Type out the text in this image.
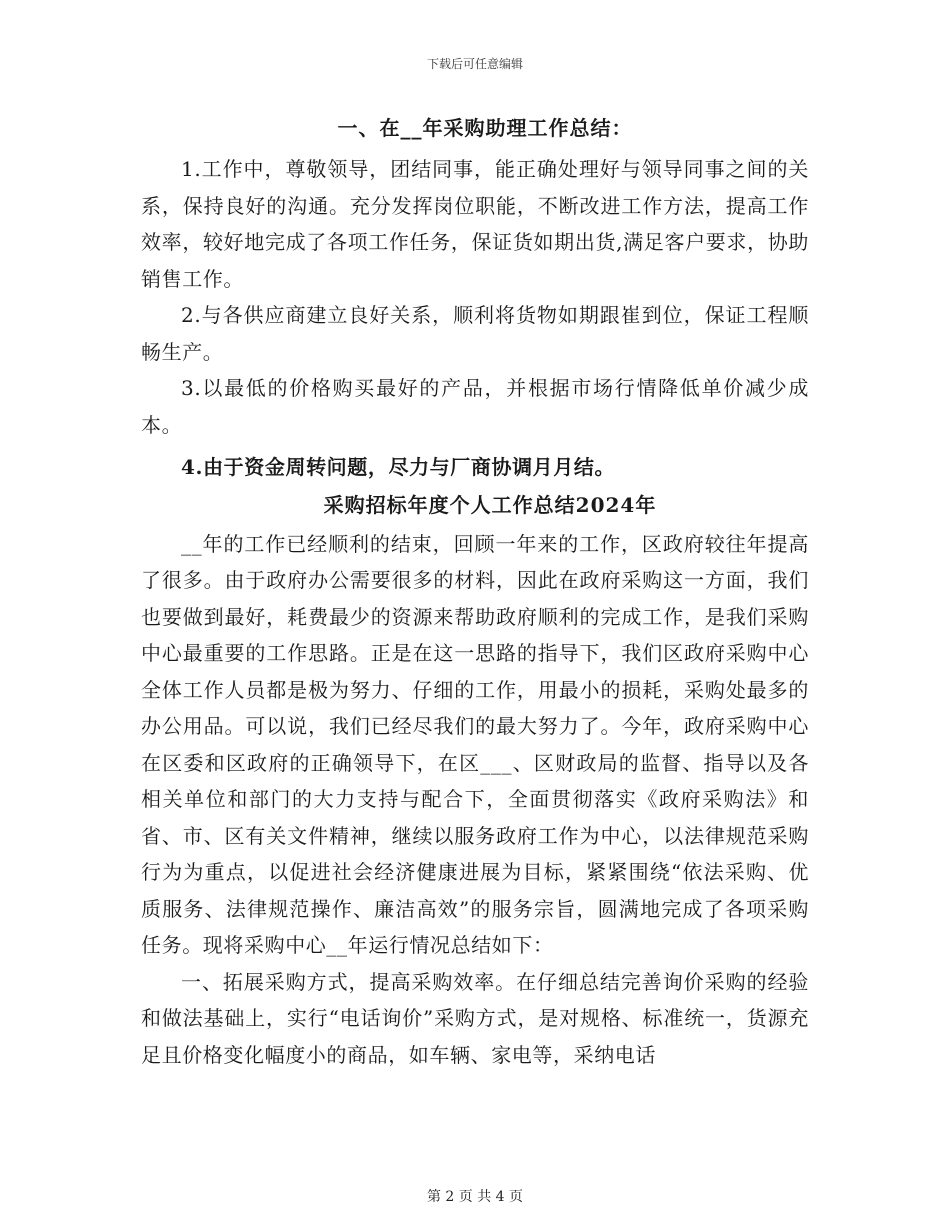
下载后可任意编辑
一、在__年采购助理工作总结：

1.工作中，尊敬领导，团结同事，能正确处理好与领导同事之间的关系，保持良好的沟通。充分发挥岗位职能，不断改进工作方法，提高工作效率，较好地完成了各项工作任务，保证货如期出货,满足客户要求，协助销售工作。

2.与各供应商建立良好关系，顺利将货物如期跟崔到位，保证工程顺畅生产。

3.以最低的价格购买最好的产品，并根据市场行情降低单价减少成本。

4.由于资金周转问题，尽力与厂商协调月月结。

采购招标年度个人工作总结2024年

__年的工作已经顺利的结束，回顾一年来的工作，区政府较往年提高了很多。由于政府办公需要很多的材料，因此在政府采购这一方面，我们也要做到最好，耗费最少的资源来帮助政府顺利的完成工作，是我们采购中心最重要的工作思路。正是在这一思路的指导下，我们区政府采购中心全体工作人员都是极为努力、仔细的工作，用最小的损耗，采购处最多的办公用品。可以说，我们已经尽我们的最大努力了。今年，政府采购中心在区委和区政府的正确领导下，在区___、区财政局的监督、指导以及各相关单位和部门的大力支持与配合下，全面贯彻落实《政府采购法》和省、市、区有关文件精神，继续以服务政府工作为中心，以法律规范采购行为为重点，以促进社会经济健康进展为目标，紧紧围绕“依法采购、优质服务、法律规范操作、廉洁高效”的服务宗旨，圆满地完成了各项采购任务。现将采购中心__年运行情况总结如下：

一、拓展采购方式，提高采购效率。在仔细总结完善询价采购的经验和做法基础上，实行“电话询价”采购方式，是对规格、标准统一，货源充足且价格变化幅度小的商品，如车辆、家电等，采纳电话

第 2 页 共 4 页
